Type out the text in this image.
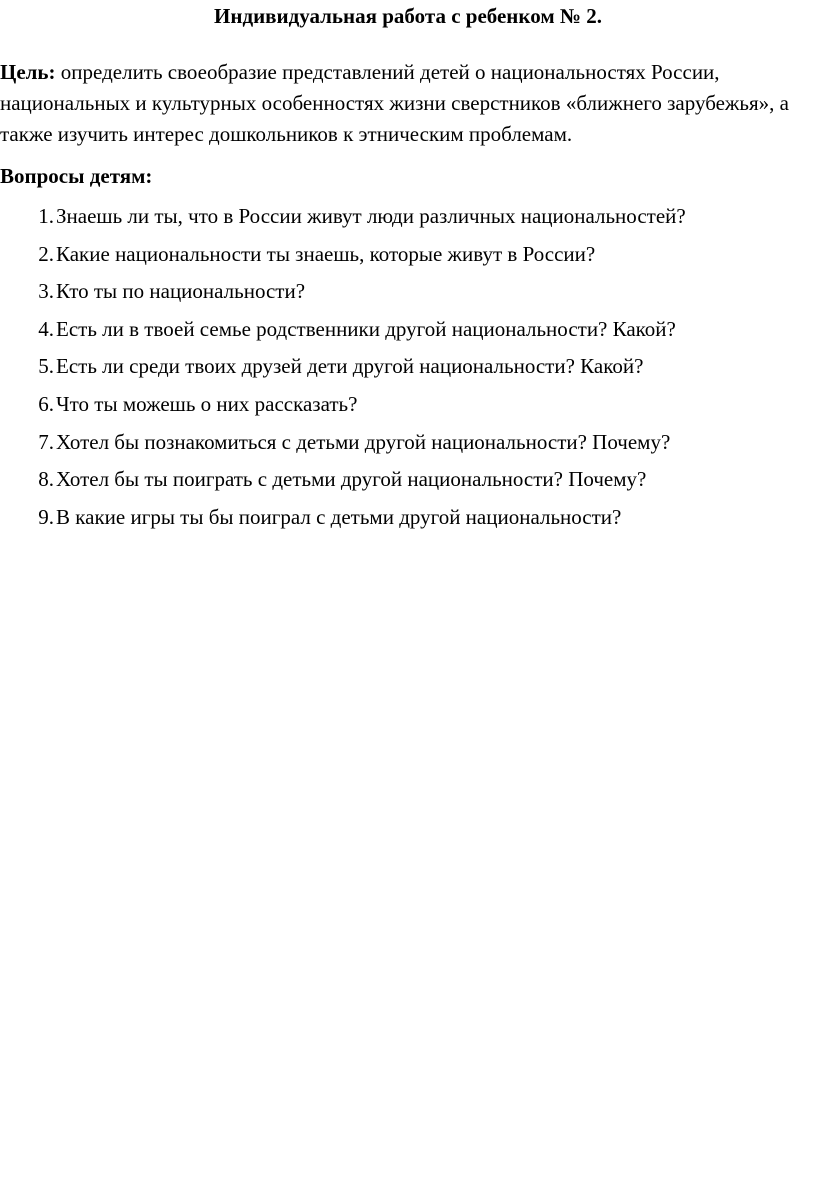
Индивидуальная работа с ребенком № 2.

Цель: определить своеобразие представлений детей о национальностях России, национальных и культурных особенностях жизни сверстников «ближнего зарубежья», а также изучить интерес дошкольников к этническим проблемам.

Вопросы детям:
1. Знаешь ли ты, что в России живут люди различных национальностей?
2. Какие национальности ты знаешь, которые живут в России?
3. Кто ты по национальности?
4. Есть ли в твоей семье родственники другой национальности? Какой?
5. Есть ли среди твоих друзей дети другой национальности? Какой?
6. Что ты можешь о них рассказать?
7. Хотел бы познакомиться с детьми другой национальности? Почему?
8. Хотел бы ты поиграть с детьми другой национальности? Почему?
9. В какие игры ты бы поиграл с детьми другой национальности?
